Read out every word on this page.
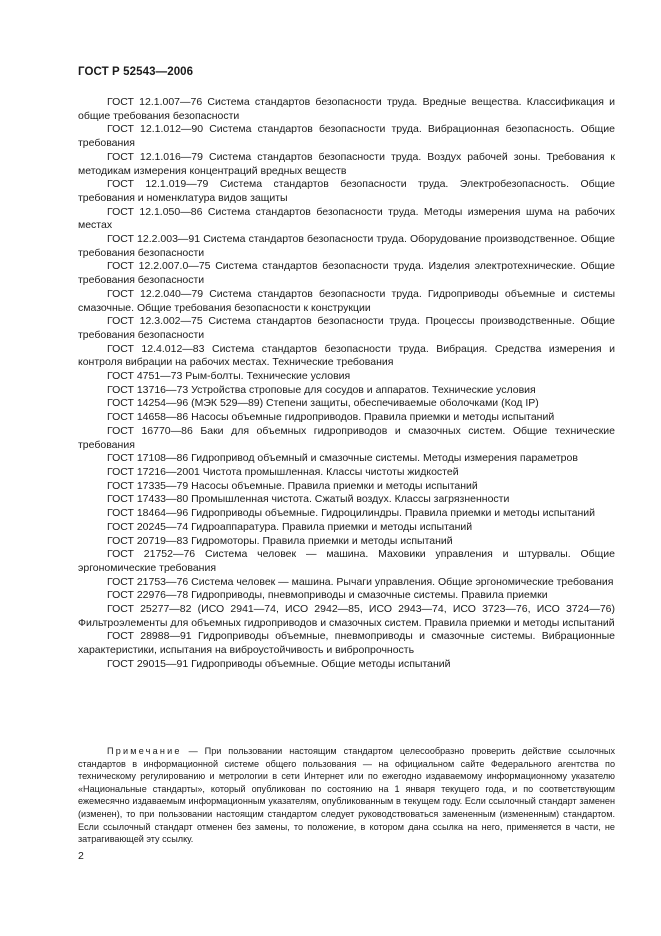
ГОСТ Р 52543—2006

ГОСТ 12.1.007—76 Система стандартов безопасности труда. Вредные вещества. Классификация и общие требования безопасности

ГОСТ 12.1.012—90 Система стандартов безопасности труда. Вибрационная безопасность. Общие требования

ГОСТ 12.1.016—79 Система стандартов безопасности труда. Воздух рабочей зоны. Требования к методикам измерения концентраций вредных веществ

ГОСТ 12.1.019—79 Система стандартов безопасности труда. Электробезопасность. Общие требования и номенклатура видов защиты

ГОСТ 12.1.050—86 Система стандартов безопасности труда. Методы измерения шума на рабочих местах

ГОСТ 12.2.003—91 Система стандартов безопасности труда. Оборудование производственное. Общие требования безопасности

ГОСТ 12.2.007.0—75 Система стандартов безопасности труда. Изделия электротехнические. Общие требования безопасности

ГОСТ 12.2.040—79 Система стандартов безопасности труда. Гидроприводы объемные и системы смазочные. Общие требования безопасности к конструкции

ГОСТ 12.3.002—75 Система стандартов безопасности труда. Процессы производственные. Общие требования безопасности

ГОСТ 12.4.012—83 Система стандартов безопасности труда. Вибрация. Средства измерения и контроля вибрации на рабочих местах. Технические требования

ГОСТ 4751—73 Рым-болты. Технические условия

ГОСТ 13716—73 Устройства строповые для сосудов и аппаратов. Технические условия

ГОСТ 14254—96 (МЭК 529—89) Степени защиты, обеспечиваемые оболочками (Код IP)

ГОСТ 14658—86 Насосы объемные гидроприводов. Правила приемки и методы испытаний

ГОСТ 16770—86 Баки для объемных гидроприводов и смазочных систем. Общие технические требования

ГОСТ 17108—86 Гидропривод объемный и смазочные системы. Методы измерения параметров

ГОСТ 17216—2001 Чистота промышленная. Классы чистоты жидкостей

ГОСТ 17335—79 Насосы объемные. Правила приемки и методы испытаний

ГОСТ 17433—80 Промышленная чистота. Сжатый воздух. Классы загрязненности

ГОСТ 18464—96 Гидроприводы объемные. Гидроцилиндры. Правила приемки и методы испытаний

ГОСТ 20245—74 Гидроаппаратура. Правила приемки и методы испытаний

ГОСТ 20719—83 Гидромоторы. Правила приемки и методы испытаний

ГОСТ 21752—76 Система человек — машина. Маховики управления и штурвалы. Общие эргономические требования

ГОСТ 21753—76 Система человек — машина. Рычаги управления. Общие эргономические требования

ГОСТ 22976—78 Гидроприводы, пневмоприводы и смазочные системы. Правила приемки

ГОСТ 25277—82 (ИСО 2941—74, ИСО 2942—85, ИСО 2943—74, ИСО 3723—76, ИСО 3724—76) Фильтроэлементы для объемных гидроприводов и смазочных систем. Правила приемки и методы испытаний

ГОСТ 28988—91 Гидроприводы объемные, пневмоприводы и смазочные системы. Вибрационные характеристики, испытания на виброустойчивость и вибропрочность

ГОСТ 29015—91 Гидроприводы объемные. Общие методы испытаний

Примечание — При пользовании настоящим стандартом целесообразно проверить действие ссылочных стандартов в информационной системе общего пользования — на официальном сайте Федерального агентства по техническому регулированию и метрологии в сети Интернет или по ежегодно издаваемому информационному указателю «Национальные стандарты», который опубликован по состоянию на 1 января текущего года, и по соответствующим ежемесячно издаваемым информационным указателям, опубликованным в текущем году. Если ссылочный стандарт заменен (изменен), то при пользовании настоящим стандартом следует руководствоваться замененным (измененным) стандартом. Если ссылочный стандарт отменен без замены, то положение, в котором дана ссылка на него, применяется в части, не затрагивающей эту ссылку.
2
